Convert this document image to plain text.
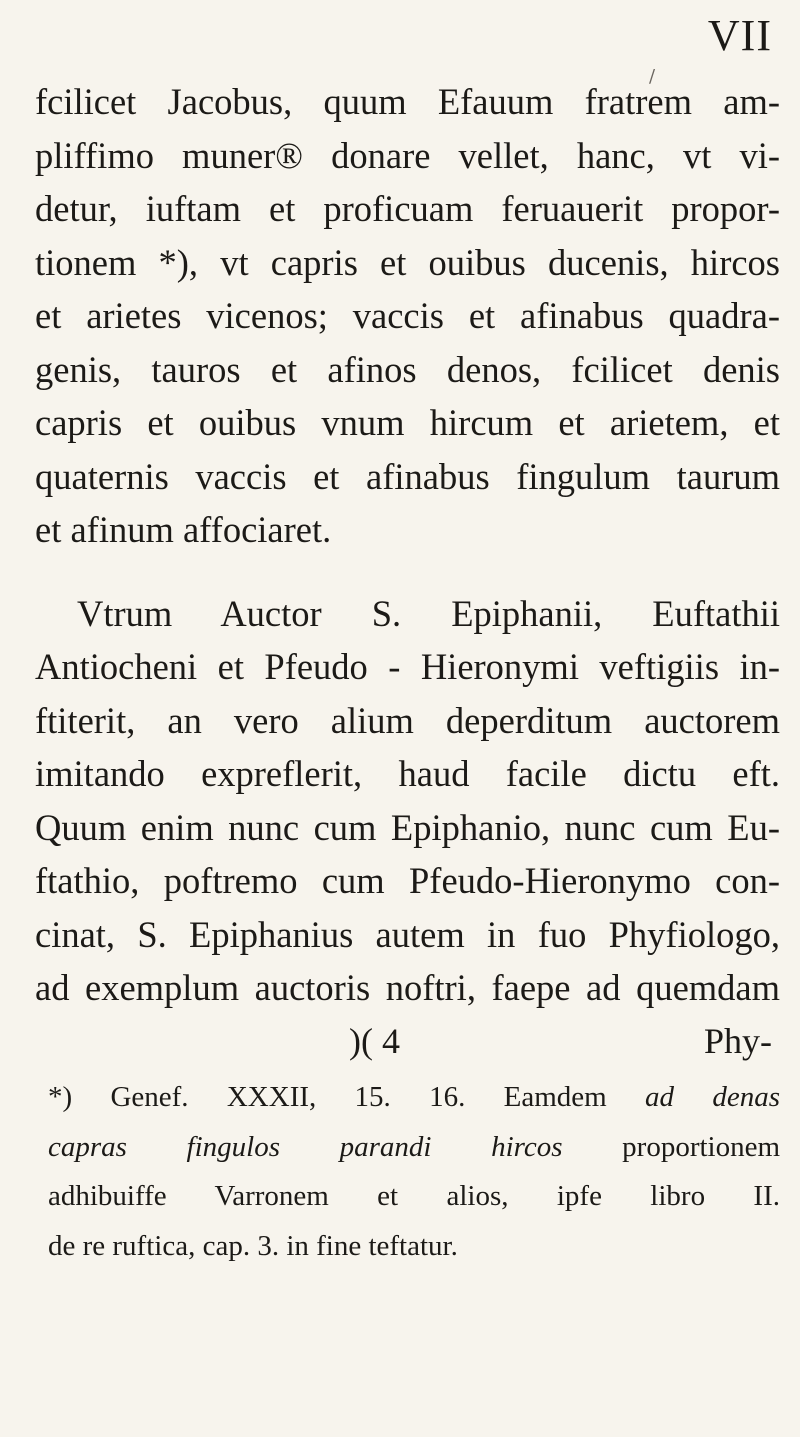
VII
/
fcilicet Jacobus, quum Efauum fratrem am-
pliffimo muner® donare vellet, hanc, vt vi-
detur, iuftam et proficuam feruauerit propor-
tionem *), vt capris et ouibus ducenis, hircos
et arietes vicenos; vaccis et afinabus quadra-
genis, tauros et afinos denos, fcilicet denis
capris et ouibus vnum hircum et arietem, et
quaternis vaccis et afinabus fingulum taurum
et afinum affociaret.
Vtrum Auctor S. Epiphanii, Euftathii
Antiocheni et Pfeudo - Hieronymi veftigiis in-
ftiterit, an vero alium deperditum auctorem
imitando expreflerit, haud facile dictu eft.
Quum enim nunc cum Epiphanio, nunc cum Eu-
ftathio, poftremo cum Pfeudo-Hieronymo con-
cinat, S. Epiphanius autem in fuo Phyfiologo,
ad exemplum auctoris noftri, faepe ad quemdam
)( 4	Phy-
*) Genef. XXXII, 15. 16. Eamdem ad denas
capras fingulos parandi hircos proportionem
adhibuiffe Varronem et alios, ipfe libro II.
de re ruftica, cap. 3. in fine teftatur.
